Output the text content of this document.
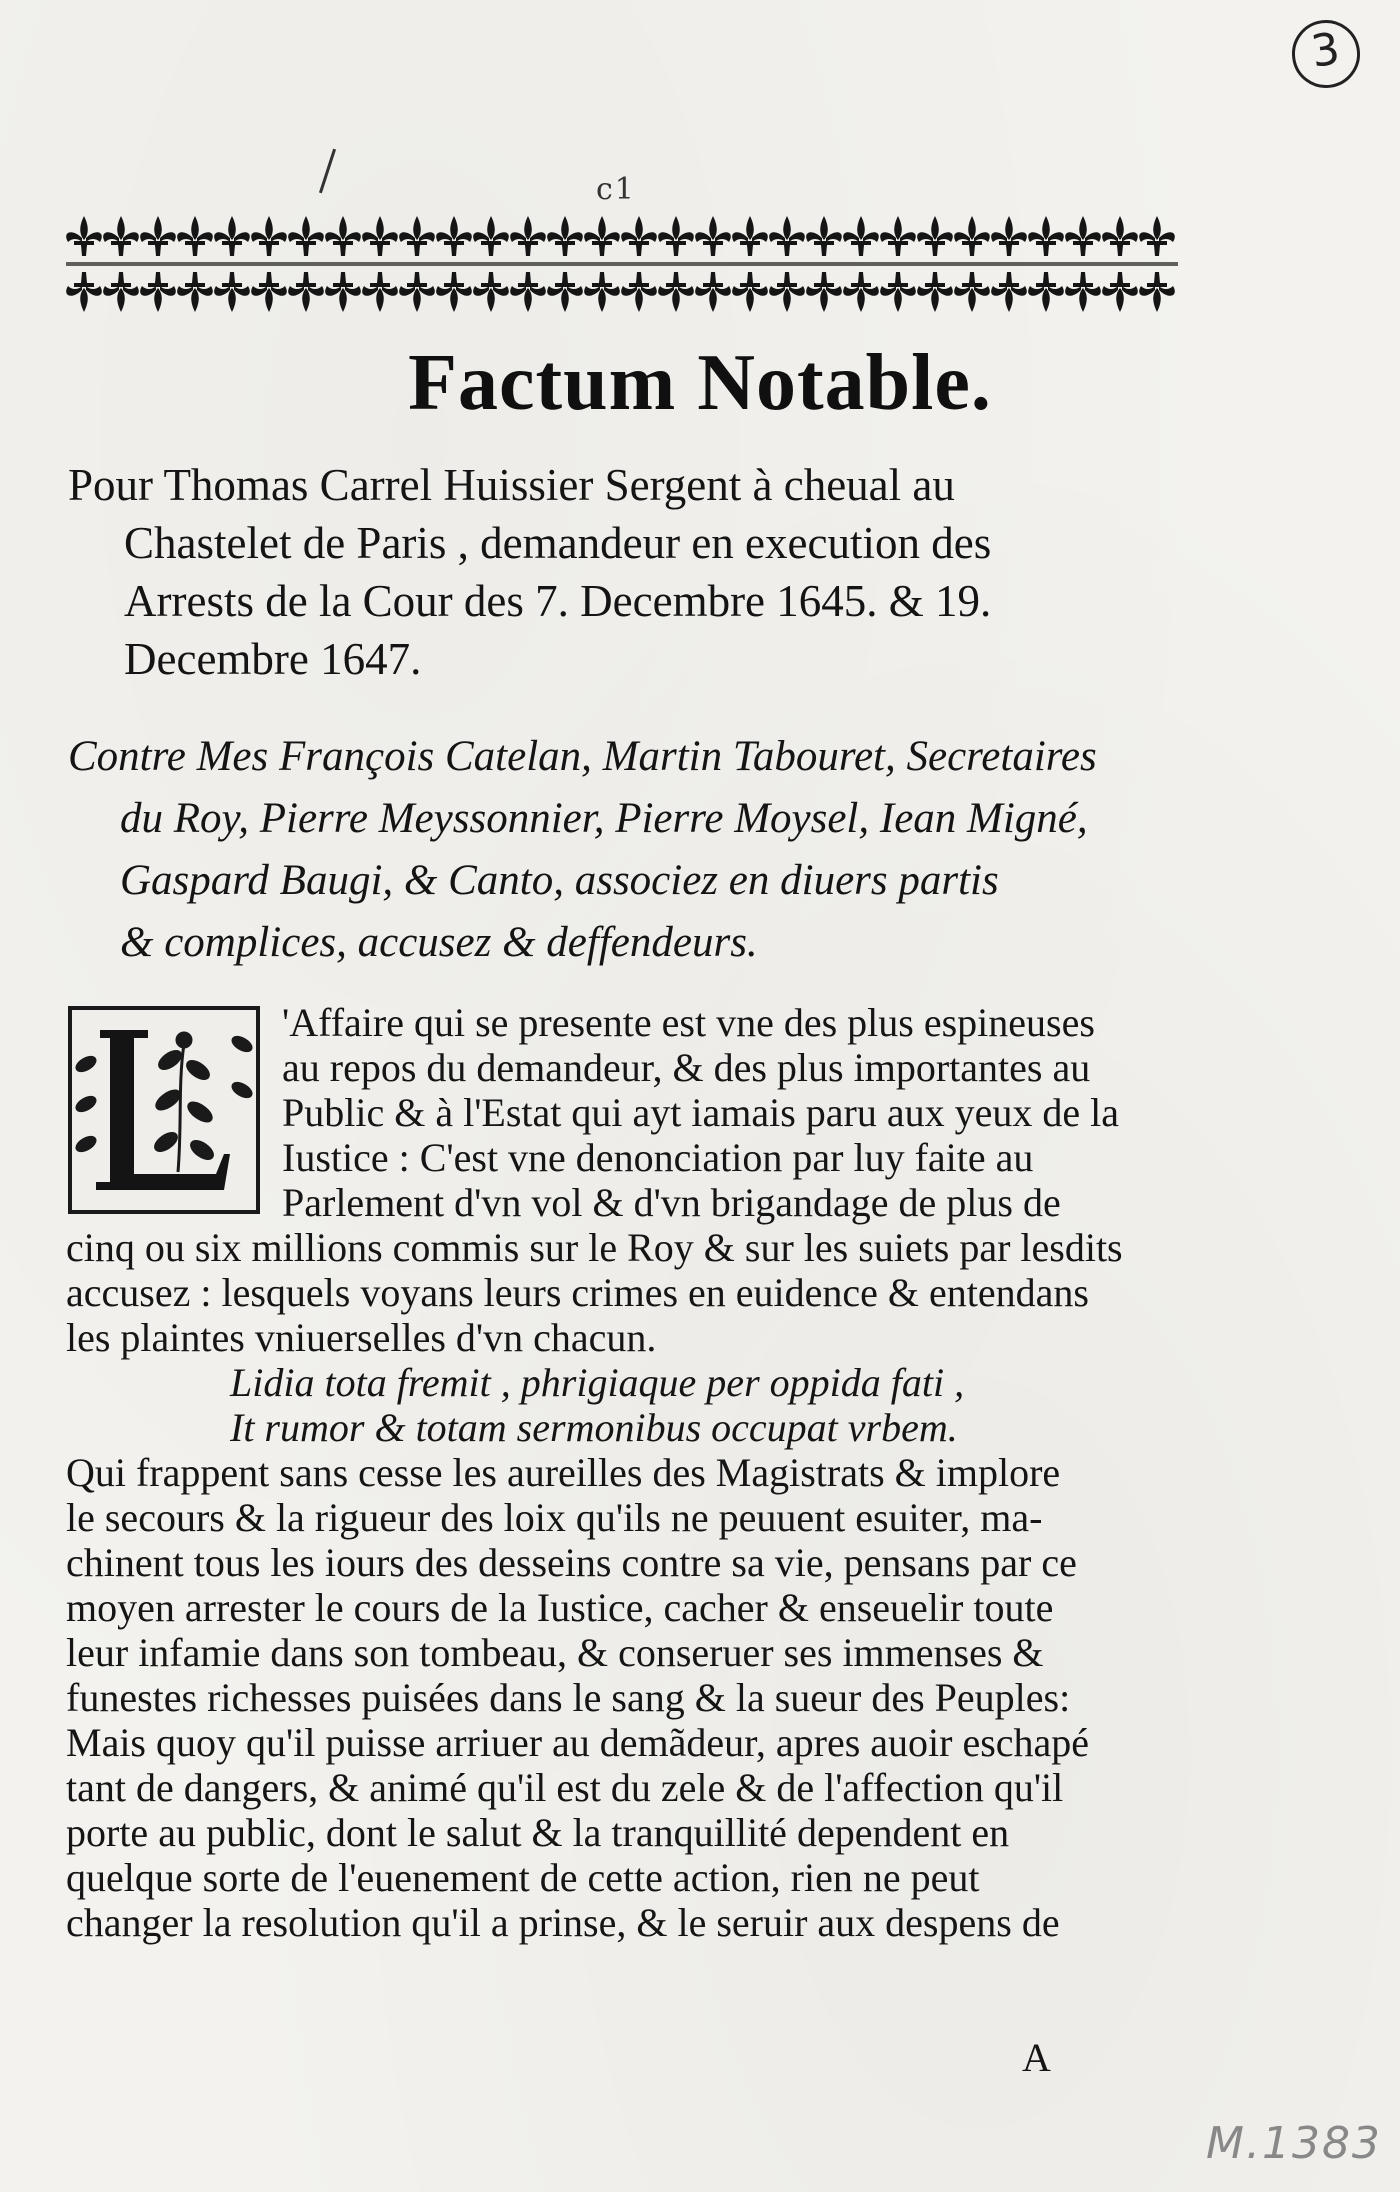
3
c1
Factum Notable.

Pour Thomas Carrel Huissier Sergent à cheual au
Chastelet de Paris , demandeur en execution des
Arrests de la Cour des 7. Decembre 1645. & 19.
Decembre 1647.

Contre Mes François Catelan, Martin Tabouret, Secretaires
du Roy, Pierre Meyssonnier, Pierre Moysel, Iean Migné,
Gaspard Baugi, & Canto, associez en diuers partis
& complices, accusez & deffendeurs.

'Affaire qui se presente est vne des plus espineuses
au repos du demandeur, & des plus importantes au
Public & à l'Estat qui ayt iamais paru aux yeux de la
Iustice : C'est vne denonciation par luy faite au
Parlement d'vn vol & d'vn brigandage de plus de
cinq ou six millions commis sur le Roy & sur les suiets par lesdits
accusez : lesquels voyans leurs crimes en euidence & entendans
les plaintes vniuerselles d'vn chacun.
Lidia tota fremit , phrigiaque per oppida fati ,
It rumor & totam sermonibus occupat vrbem.
Qui frappent sans cesse les aureilles des Magistrats & implore
le secours & la rigueur des loix qu'ils ne peuuent esuiter, ma-
chinent tous les iours des desseins contre sa vie, pensans par ce
moyen arrester le cours de la Iustice, cacher & enseuelir toute
leur infamie dans son tombeau, & conseruer ses immenses &
funestes richesses puisées dans le sang & la sueur des Peuples:
Mais quoy qu'il puisse arriuer au demãdeur, apres auoir eschapé
tant de dangers, & animé qu'il est du zele & de l'affection qu'il
porte au public, dont le salut & la tranquillité dependent en
quelque sorte de l'euenement de cette action, rien ne peut
changer la resolution qu'il a prinse, & le seruir aux despens de
A
M.1383
